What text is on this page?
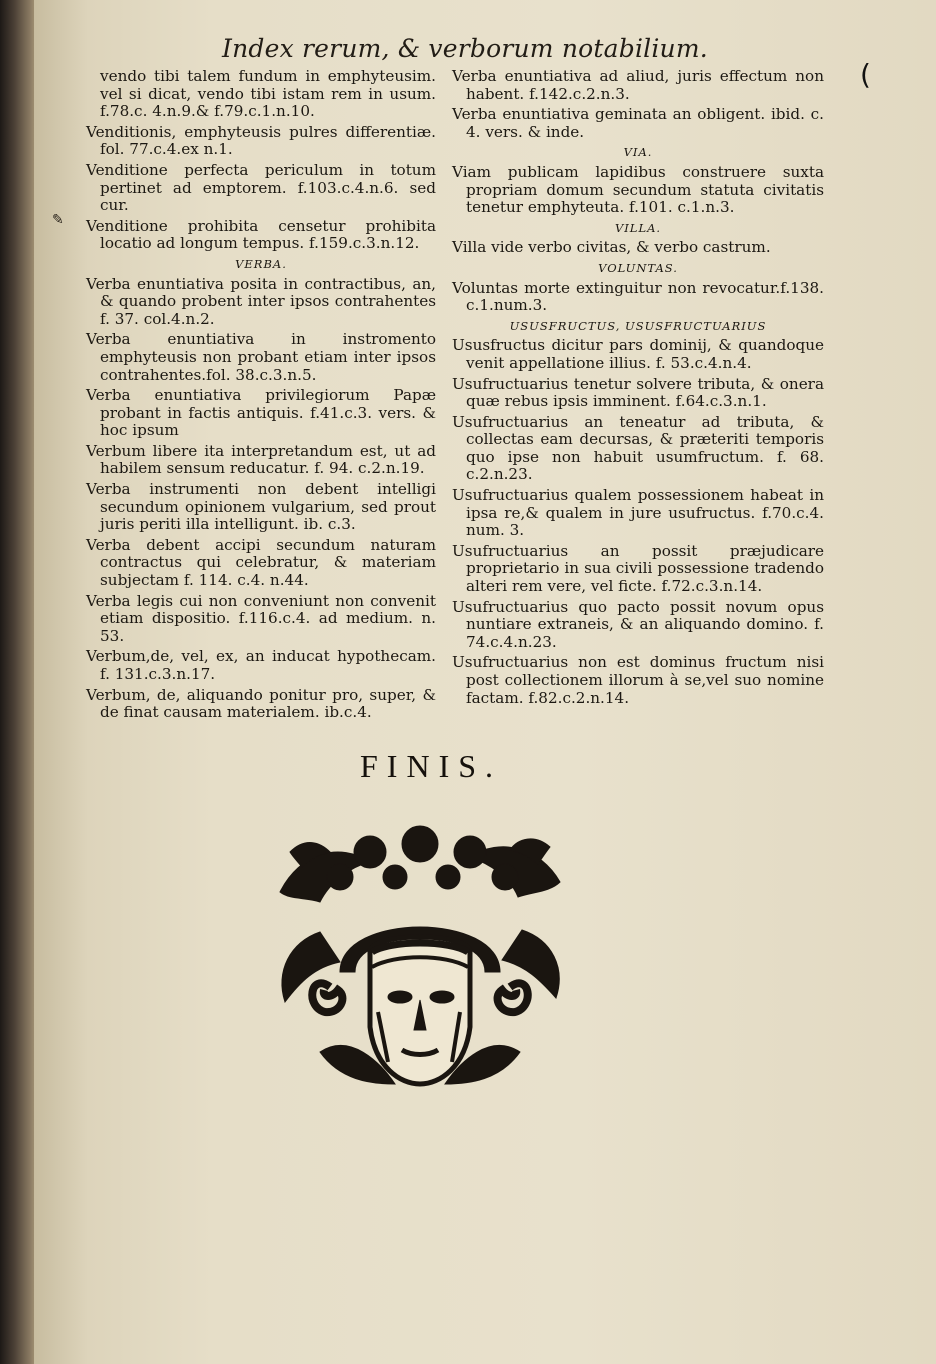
Index rerum, & verborum notabilium.
vendo tibi talem fundum in emphyteusim. vel si dicat, vendo tibi istam rem in usum. f.78.c. 4.n.9.& f.79.c.1.n.10.
Venditionis, emphyteusis pulres differentiæ. fol. 77.c.4.ex n.1.
Venditione perfecta periculum in totum pertinet ad emptorem. f.103.c.4.n.6. sed cur.
Venditione prohibita censetur prohibita locatio ad longum tempus. f.159.c.3.n.12.
VERBA.
Verba enuntiativa posita in contractibus, an, & quando probent inter ipsos contrahentes f. 37. col.4.n.2.
Verba enuntiativa in instromento emphyteusis non probant etiam inter ipsos contrahentes.fol. 38.c.3.n.5.
Verba enuntiativa privilegiorum Papæ probant in factis antiquis. f.41.c.3. vers. & hoc ipsum
Verbum libere ita interpretandum est, ut ad habilem sensum reducatur. f. 94. c.2.n.19.
Verba instrumenti non debent intelligi secundum opinionem vulgarium, sed prout juris periti illa intelligunt. ib. c.3.
Verba debent accipi secundum naturam contractus qui celebratur, & materiam subjectam f. 114. c.4. n.44.
Verba legis cui non conveniunt non convenit etiam dispositio. f.116.c.4. ad medium. n. 53.
Verbum,de, vel, ex, an inducat hypothecam. f. 131.c.3.n.17.
Verbum, de, aliquando ponitur pro, super, & de finat causam materialem. ib.c.4.
Verba enuntiativa ad aliud, juris effectum non habent. f.142.c.2.n.3.
Verba enuntiativa geminata an obligent. ibid. c. 4. vers. & inde.
VIA.
Viam publicam lapidibus construere suxta propriam domum secundum statuta civitatis tenetur emphyteuta. f.101. c.1.n.3.
VILLA.
Villa vide verbo civitas, & verbo castrum.
VOLUNTAS.
Voluntas morte extinguitur non revocatur.f.138. c.1.num.3.
USUSFRUCTUS, USUSFRUCTUARIUS
Ususfructus dicitur pars dominij, & quandoque venit appellatione illius. f. 53.c.4.n.4.
Usufructuarius tenetur solvere tributa, & onera quæ rebus ipsis imminent. f.64.c.3.n.1.
Usufructuarius an teneatur ad tributa, & collectas eam decursas, & præteriti temporis quo ipse non habuit usumfructum. f. 68. c.2.n.23.
Usufructuarius qualem possessionem habeat in ipsa re,& qualem in jure usufructus. f.70.c.4. num. 3.
Usufructuarius an possit præjudicare proprietario in sua civili possessione tradendo alteri rem vere, vel ficte. f.72.c.3.n.14.
Usufructuarius quo pacto possit novum opus nuntiare extraneis, & an aliquando domino. f. 74.c.4.n.23.
Usufructuarius non est dominus fructum nisi post collectionem illorum à se,vel suo nomine factam. f.82.c.2.n.14.
FINIS.
(
✎
